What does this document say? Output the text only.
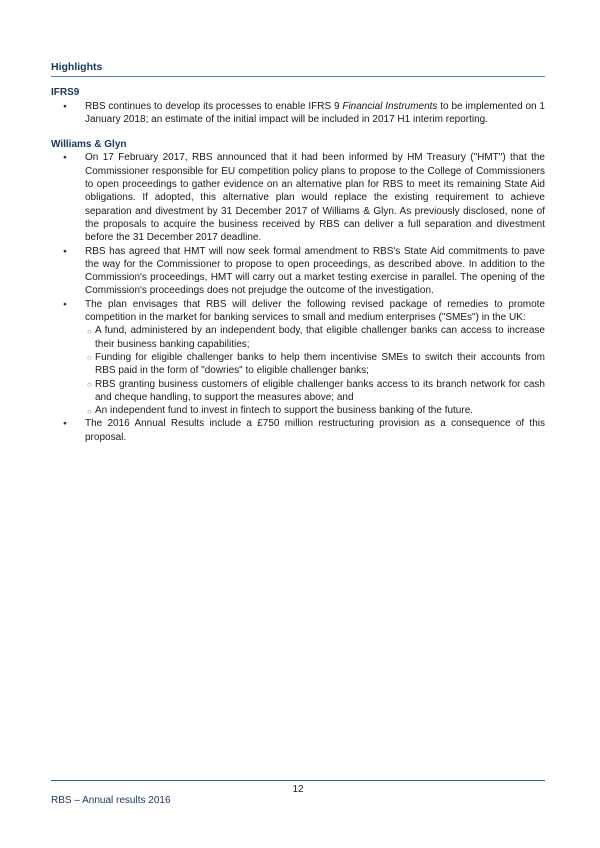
Highlights
IFRS9
● RBS continues to develop its processes to enable IFRS 9 Financial Instruments to be implemented on 1 January 2018; an estimate of the initial impact will be included in 2017 H1 interim reporting.

Williams & Glyn
● On 17 February 2017, RBS announced that it had been informed by HM Treasury ("HMT") that the Commissioner responsible for EU competition policy plans to propose to the College of Commissioners to open proceedings to gather evidence on an alternative plan for RBS to meet its remaining State Aid obligations. If adopted, this alternative plan would replace the existing requirement to achieve separation and divestment by 31 December 2017 of Williams & Glyn. As previously disclosed, none of the proposals to acquire the business received by RBS can deliver a full separation and divestment before the 31 December 2017 deadline.

● RBS has agreed that HMT will now seek formal amendment to RBS's State Aid commitments to pave the way for the Commissioner to propose to open proceedings, as described above. In addition to the Commission's proceedings, HMT will carry out a market testing exercise in parallel. The opening of the Commission's proceedings does not prejudge the outcome of the investigation.

● The plan envisages that RBS will deliver the following revised package of remedies to promote competition in the market for banking services to small and medium enterprises ("SMEs") in the UK:

○ A fund, administered by an independent body, that eligible challenger banks can access to increase their business banking capabilities;

○ Funding for eligible challenger banks to help them incentivise SMEs to switch their accounts from RBS paid in the form of "dowries" to eligible challenger banks;

○ RBS granting business customers of eligible challenger banks access to its branch network for cash and cheque handling, to support the measures above; and

○ An independent fund to invest in fintech to support the business banking of the future.

● The 2016 Annual Results include a £750 million restructuring provision as a consequence of this proposal.

12
RBS – Annual results 2016
